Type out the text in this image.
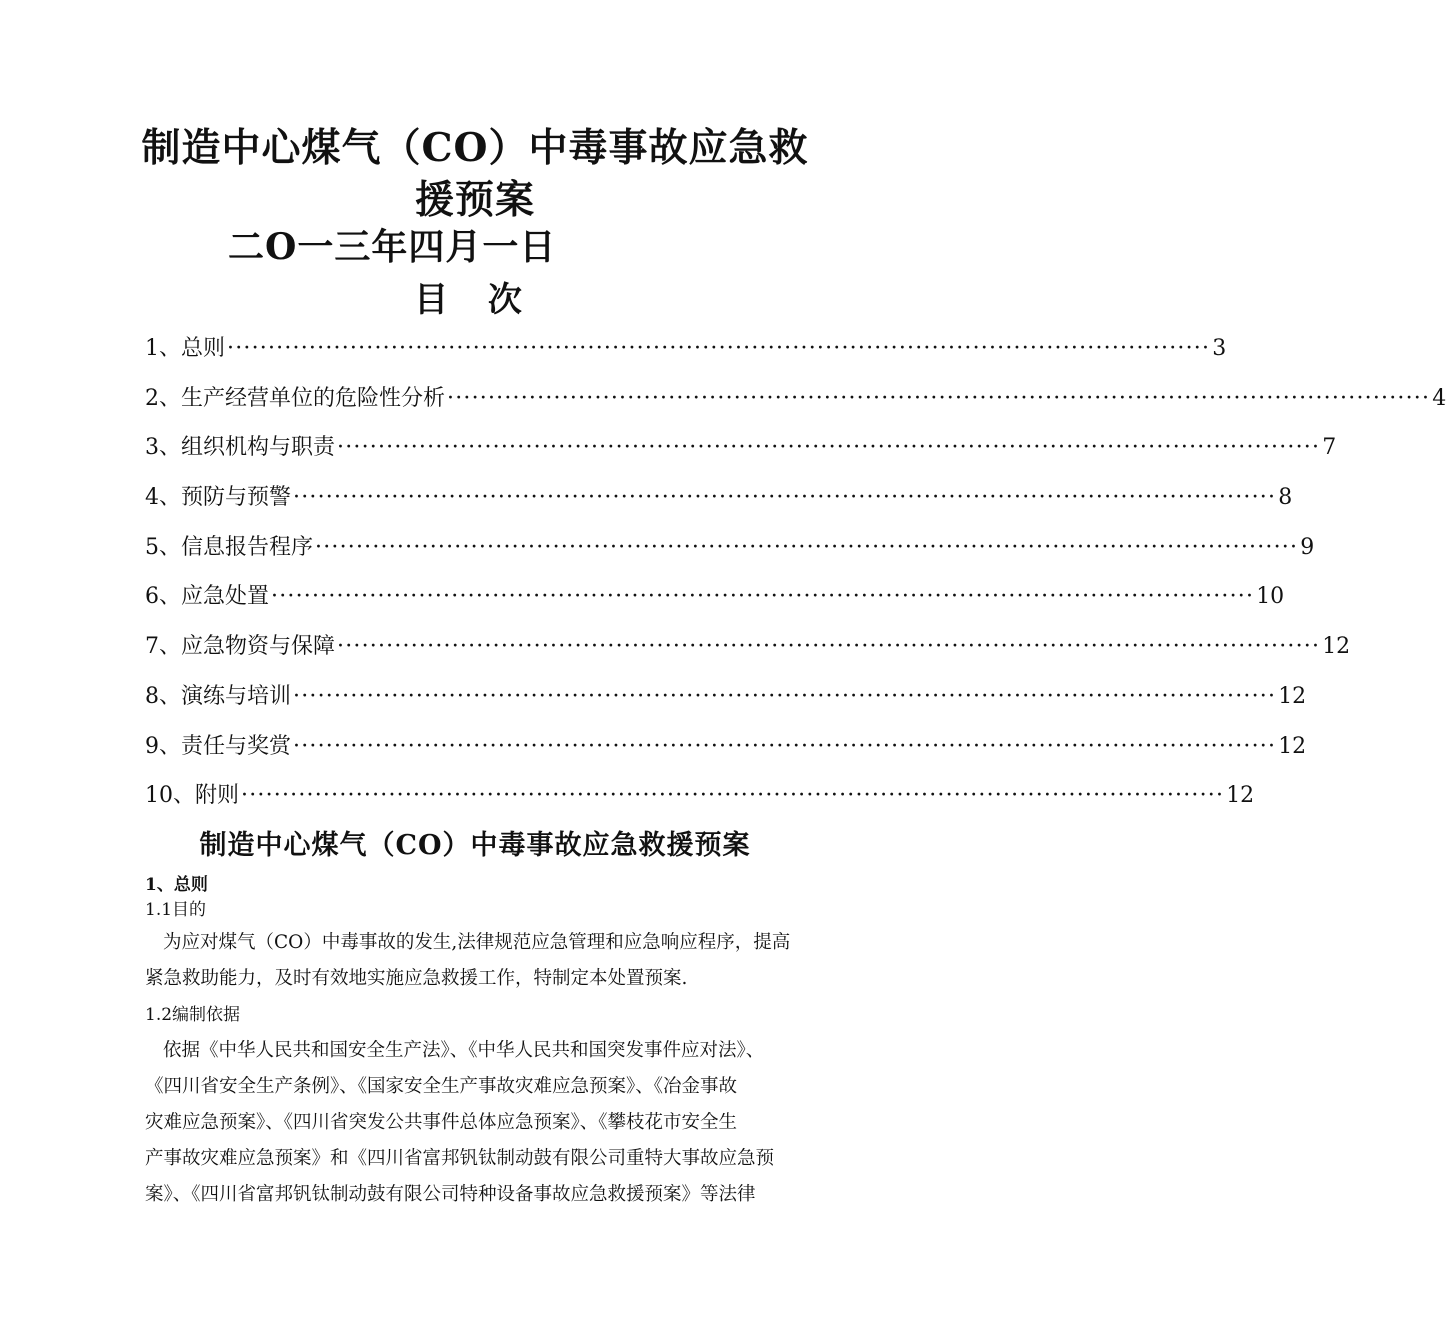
制造中心煤气（CO）中毒事故应急救
援预案
二O一三年四月一日
目 次
1、总则 ························································································································ 3
2、生产经营单位的危险性分析 ························································································································ 4
3、组织机构与职责 ························································································································ 7
4、预防与预警 ························································································································ 8
5、信息报告程序 ························································································································ 9
6、应急处置 ························································································································ 10
7、应急物资与保障 ························································································································ 12
8、演练与培训 ························································································································ 12
9、责任与奖赏 ························································································································ 12
10、附则 ························································································································ 12
制造中心煤气（CO）中毒事故应急救援预案
1、总则
1.1目的
为应对煤气（CO）中毒事故的发生,法律规范应急管理和应急响应程序，提高
紧急救助能力，及时有效地实施应急救援工作，特制定本处置预案.
1.2编制依据
依据《中华人民共和国安全生产法》、《中华人民共和国突发事件应对法》、
《四川省安全生产条例》、《国家安全生产事故灾难应急预案》、《冶金事故
灾难应急预案》、《四川省突发公共事件总体应急预案》、《攀枝花市安全生
产事故灾难应急预案》和《四川省富邦钒钛制动鼓有限公司重特大事故应急预
案》、《四川省富邦钒钛制动鼓有限公司特种设备事故应急救援预案》等法律
